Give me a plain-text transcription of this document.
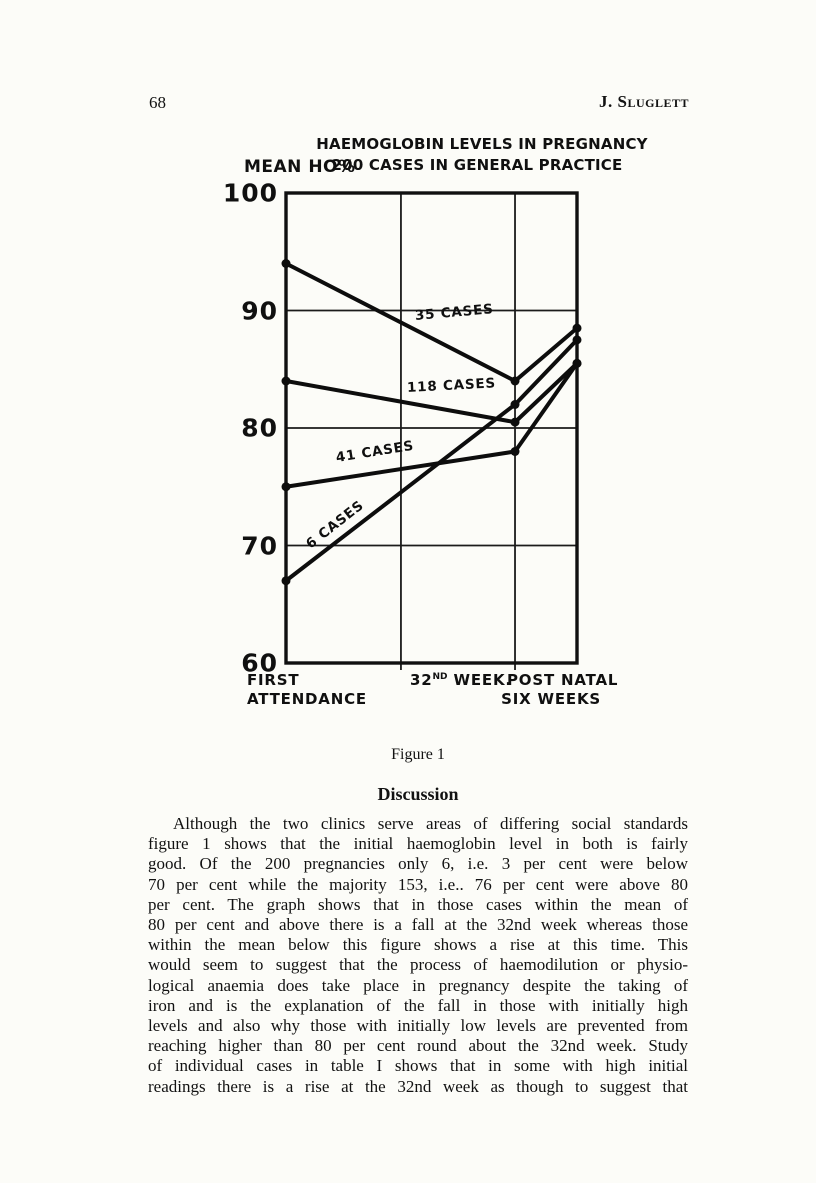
68	J. Sluglett
HAEMOGLOBIN LEVELS IN PREGNANCY
200 CASES IN GENERAL PRACTICE
MEAN HO%
100
90
80
70
60
35 CASES
118 CASES
41 CASES
6 CASES
FIRST
ATTENDANCE
32ND WEEK.
POST NATAL
SIX WEEKS
Figure 1
Discussion
Although the two clinics serve areas of differing social standards
figure 1 shows that the initial haemoglobin level in both is fairly
good. Of the 200 pregnancies only 6, i.e. 3 per cent were below
70 per cent while the majority 153, i.e.. 76 per cent were above 80
per cent. The graph shows that in those cases within the mean of
80 per cent and above there is a fall at the 32nd week whereas those
within the mean below this figure shows a rise at this time. This
would seem to suggest that the process of haemodilution or physio-
logical anaemia does take place in pregnancy despite the taking of
iron and is the explanation of the fall in those with initially high
levels and also why those with initially low levels are prevented from
reaching higher than 80 per cent round about the 32nd week. Study
of individual cases in table I shows that in some with high initial
readings there is a rise at the 32nd week as though to suggest that
